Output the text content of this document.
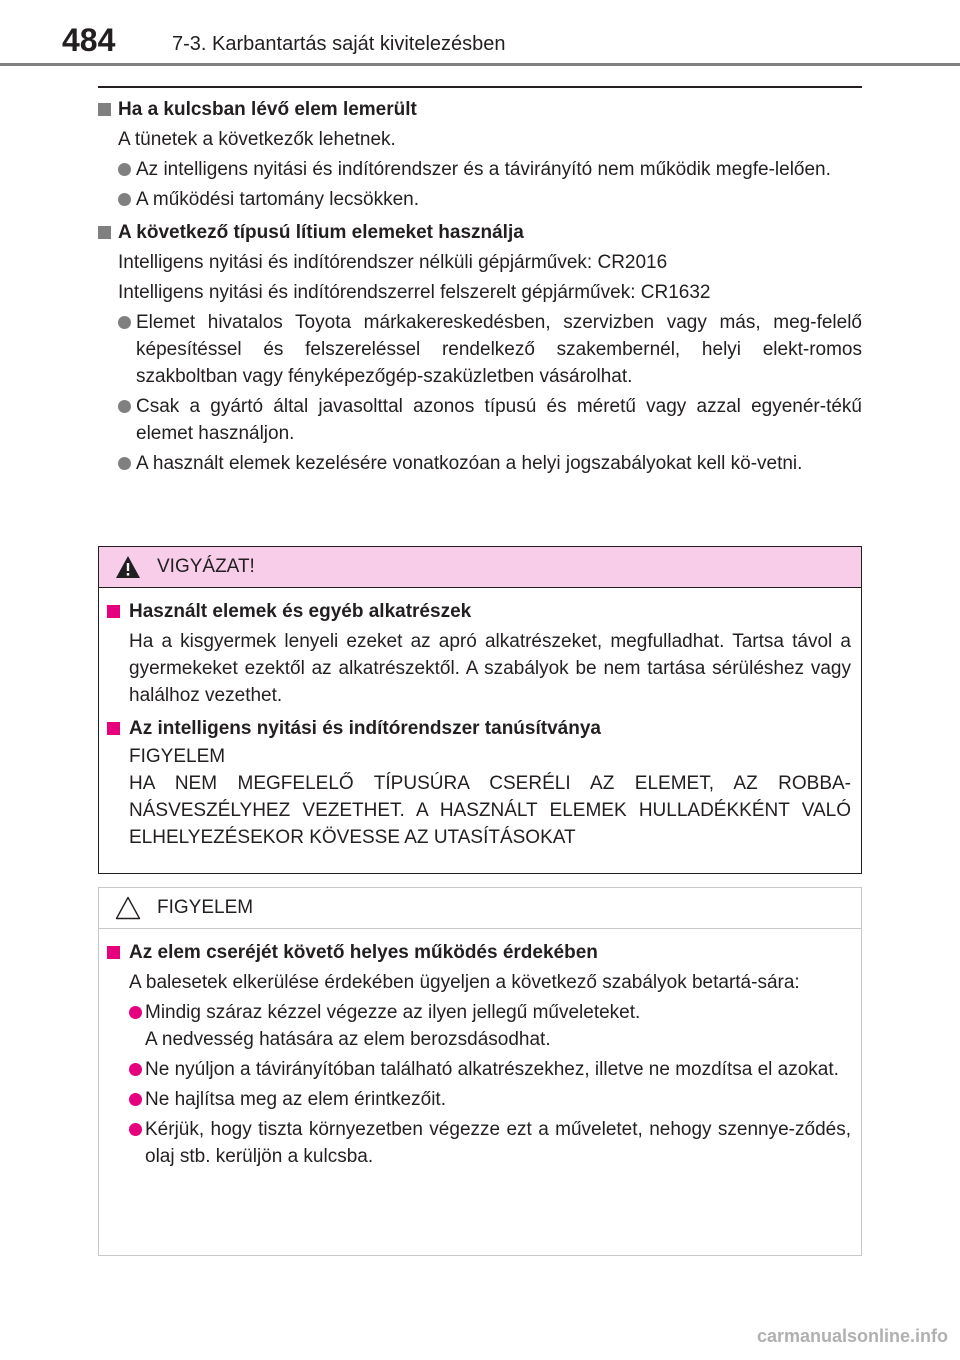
484	7-3. Karbantartás saját kivitelezésben
Ha a kulcsban lévő elem lemerült
A tünetek a következők lehetnek.
Az intelligens nyitási és indítórendszer és a távirányító nem működik megfe-lelően.
A működési tartomány lecsökken.
A következő típusú lítium elemeket használja
Intelligens nyitási és indítórendszer nélküli gépjárművek: CR2016
Intelligens nyitási és indítórendszerrel felszerelt gépjárművek: CR1632
Elemet hivatalos Toyota márkakereskedésben, szervizben vagy más, meg-felelő képesítéssel és felszereléssel rendelkező szakembernél, helyi elekt-romos szakboltban vagy fényképezőgép-szaküzletben vásárolhat.
Csak a gyártó által javasolttal azonos típusú és méretű vagy azzal egyenér-tékű elemet használjon.
A használt elemek kezelésére vonatkozóan a helyi jogszabályokat kell kö-vetni.
VIGYÁZAT!
Használt elemek és egyéb alkatrészek
Ha a kisgyermek lenyeli ezeket az apró alkatrészeket, megfulladhat. Tartsa távol a gyermekeket ezektől az alkatrészektől. A szabályok be nem tartása sérüléshez vagy halálhoz vezethet.
Az intelligens nyitási és indítórendszer tanúsítványa
FIGYELEM
HA NEM MEGFELELŐ TÍPUSÚRA CSERÉLI AZ ELEMET, AZ ROBBA-NÁSVESZÉLYHEZ VEZETHET. A HASZNÁLT ELEMEK HULLADÉKKÉNT VALÓ ELHELYEZÉSEKOR KÖVESSE AZ UTASÍTÁSOKAT
FIGYELEM
Az elem cseréjét követő helyes működés érdekében
A balesetek elkerülése érdekében ügyeljen a következő szabályok betartá-sára:
Mindig száraz kézzel végezze az ilyen jellegű műveleteket.
A nedvesség hatására az elem berozsdásodhat.
Ne nyúljon a távirányítóban található alkatrészekhez, illetve ne mozdítsa el azokat.
Ne hajlítsa meg az elem érintkezőit.
Kérjük, hogy tiszta környezetben végezze ezt a műveletet, nehogy szennye-ződés, olaj stb. kerüljön a kulcsba.
carmanualsonline.info
